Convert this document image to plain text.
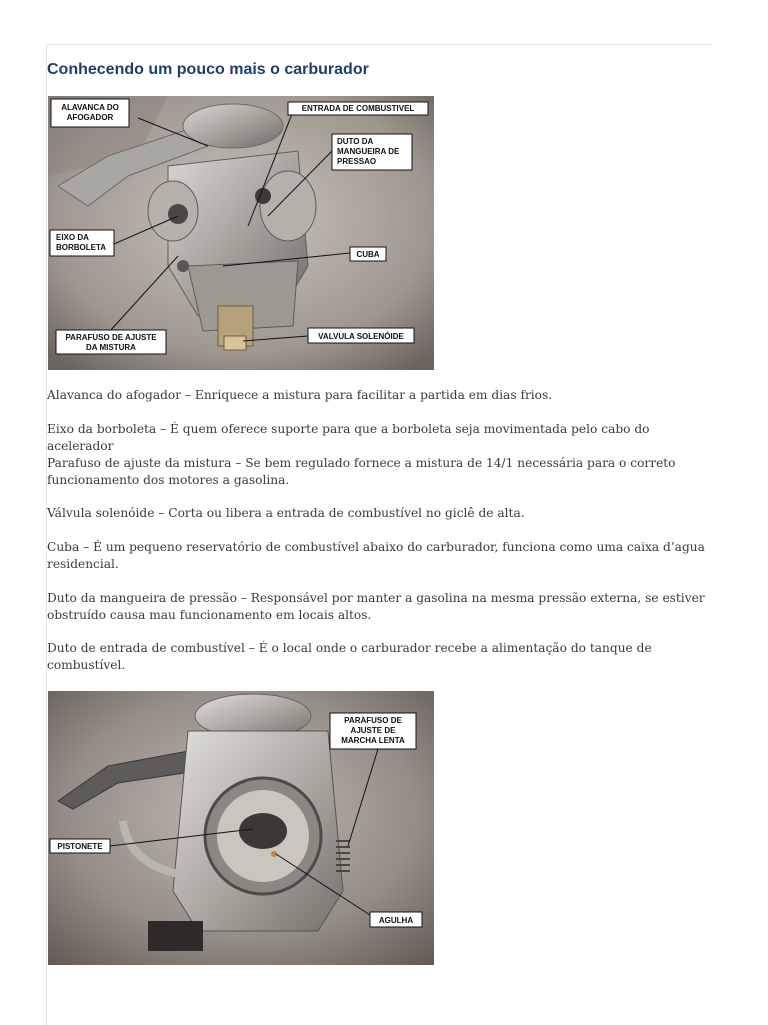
Conhecendo um pouco mais o carburador
ALAVANCA DO
AFOGADOR
ENTRADA DE COMBUSTIVEL
DUTO DA
MANGUEIRA DE
PRESSAO
EIXO DA
BORBOLETA
CUBA
PARAFUSO DE AJUSTE
DA MISTURA
VALVULA SOLENÓIDE

Alavanca do afogador – Enriquece a mistura para facilitar a partida em dias frios.

Eixo da borboleta – É quem oferece suporte para que a borboleta seja movimentada pelo cabo do acelerador

Parafuso de ajuste da mistura – Se bem regulado fornece a mistura de 14/1 necessária para o correto funcionamento dos motores a gasolina.

Válvula solenóide – Corta ou libera a entrada de combustível no giclê de alta.

Cuba – É um pequeno reservatório de combustível abaixo do carburador, funciona como uma caixa d’agua residencial.

Duto da mangueira de pressão – Responsável por manter a gasolina na mesma pressão externa, se estiver obstruído causa mau funcionamento em locais altos.

Duto de entrada de combustível – É o local onde o carburador recebe a alimentação do tanque de combustível.

PARAFUSO DE
AJUSTE DE
MARCHA LENTA
PISTONETE
AGULHA
